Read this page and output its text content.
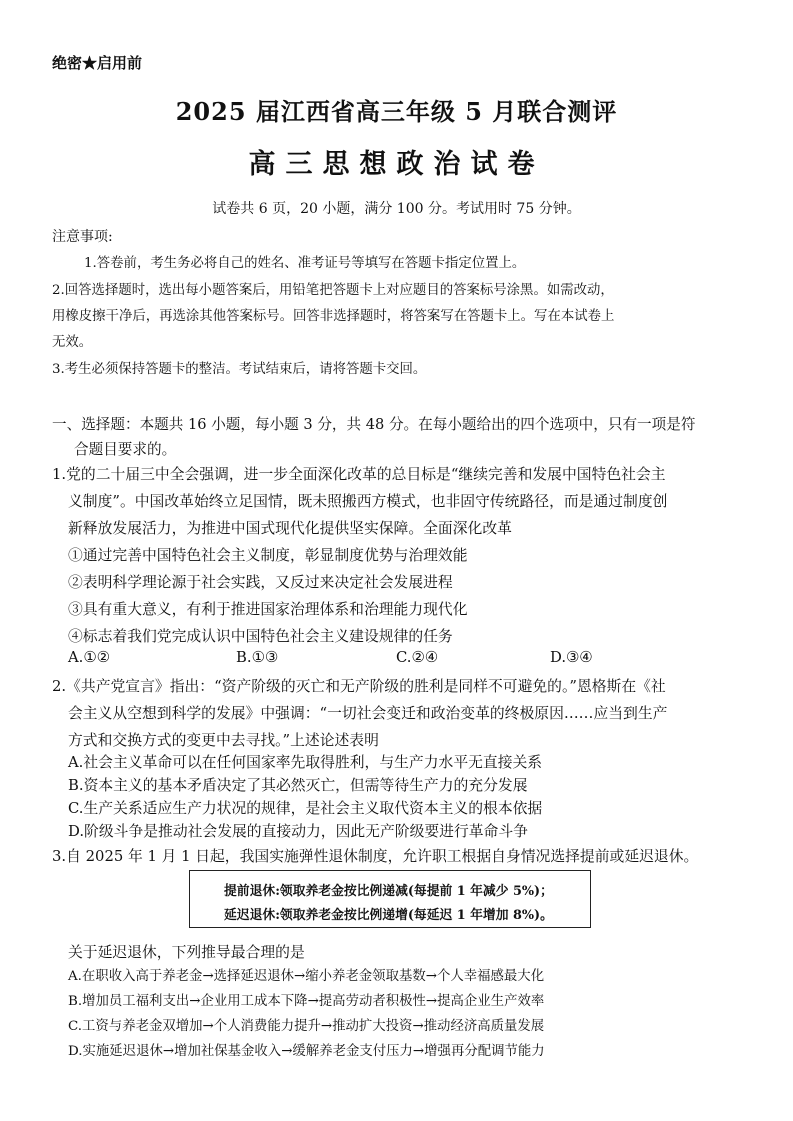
绝密★启用前
2025 届江西省高三年级 5 月联合测评
高三思想政治试卷
试卷共 6 页，20 小题，满分 100 分。考试用时 75 分钟。
注意事项:
1.答卷前，考生务必将自己的姓名、准考证号等填写在答题卡指定位置上。
2.回答选择题时，选出每小题答案后，用铅笔把答题卡上对应题目的答案标号涂黑。如需改动，
用橡皮擦干净后，再选涂其他答案标号。回答非选择题时，将答案写在答题卡上。写在本试卷上
无效。
3.考生必须保持答题卡的整洁。考试结束后，请将答题卡交回。
一、选择题：本题共 16 小题，每小题 3 分，共 48 分。在每小题给出的四个选项中，只有一项是符
合题目要求的。
1.党的二十届三中全会强调，进一步全面深化改革的总目标是“继续完善和发展中国特色社会主
义制度”。中国改革始终立足国情，既未照搬西方模式，也非固守传统路径，而是通过制度创
新释放发展活力，为推进中国式现代化提供坚实保障。全面深化改革
①通过完善中国特色社会主义制度，彰显制度优势与治理效能
②表明科学理论源于社会实践，又反过来决定社会发展进程
③具有重大意义，有利于推进国家治理体系和治理能力现代化
④标志着我们党完成认识中国特色社会主义建设规律的任务
A.①②	B.①③	C.②④	D.③④
2.《共产党宣言》指出：“资产阶级的灭亡和无产阶级的胜利是同样不可避免的。”恩格斯在《社
会主义从空想到科学的发展》中强调：“一切社会变迁和政治变革的终极原因……应当到生产
方式和交换方式的变更中去寻找。”上述论述表明
A.社会主义革命可以在任何国家率先取得胜利，与生产力水平无直接关系
B.资本主义的基本矛盾决定了其必然灭亡，但需等待生产力的充分发展
C.生产关系适应生产力状况的规律，是社会主义取代资本主义的根本依据
D.阶级斗争是推动社会发展的直接动力，因此无产阶级要进行革命斗争
3.自 2025 年 1 月 1 日起，我国实施弹性退休制度，允许职工根据自身情况选择提前或延迟退休。
提前退休:领取养老金按比例递减(每提前 1 年减少 5%)；
延迟退休:领取养老金按比例递增(每延迟 1 年增加 8%)。
关于延迟退休，下列推导最合理的是
A.在职收入高于养老金→选择延迟退休→缩小养老金领取基数→个人幸福感最大化
B.增加员工福利支出→企业用工成本下降→提高劳动者积极性→提高企业生产效率
C.工资与养老金双增加→个人消费能力提升→推动扩大投资→推动经济高质量发展
D.实施延迟退休→增加社保基金收入→缓解养老金支付压力→增强再分配调节能力
